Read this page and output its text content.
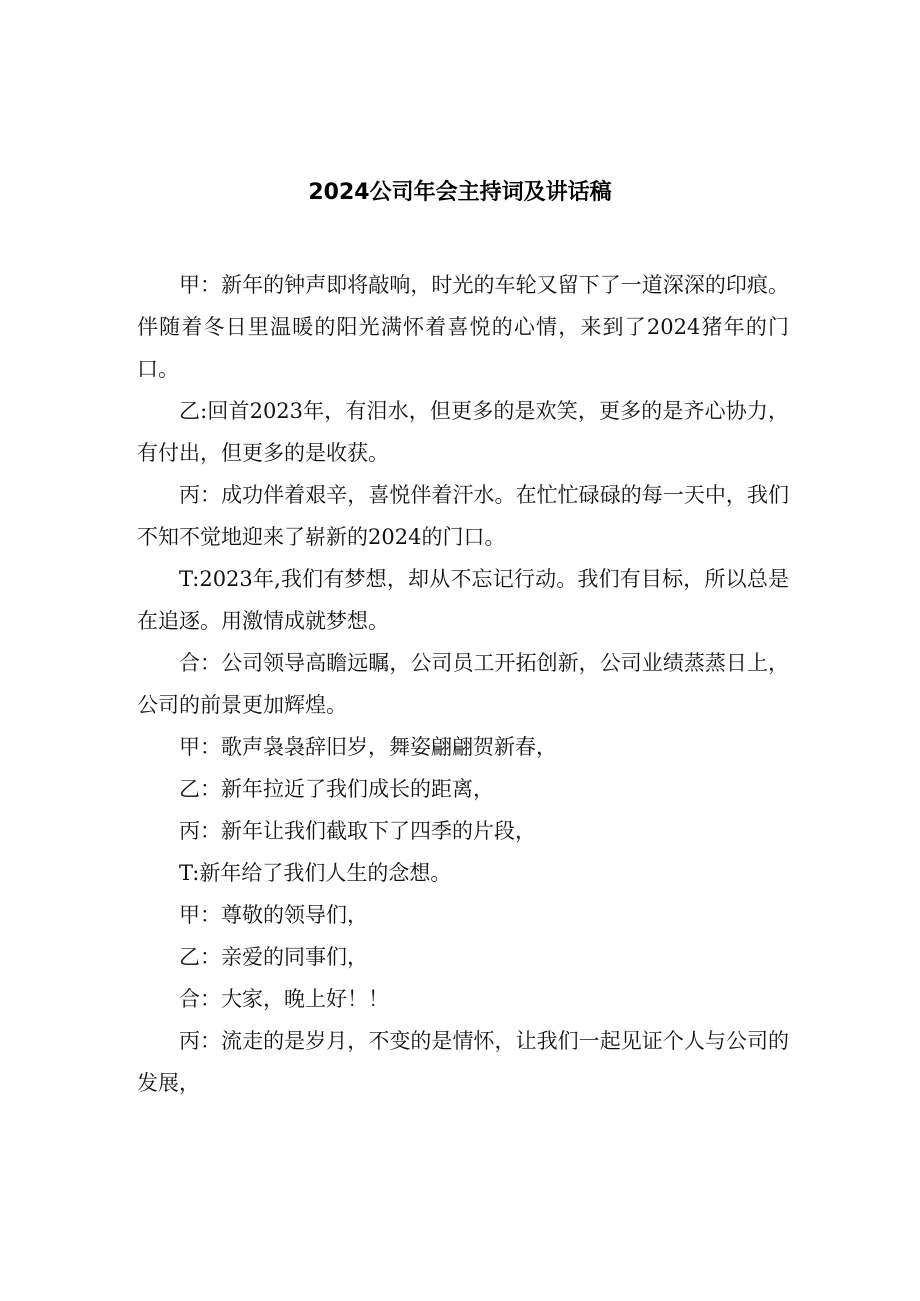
2024公司年会主持词及讲话稿

甲：新年的钟声即将敲响，时光的车轮又留下了一道深深的印痕。伴随着冬日里温暖的阳光满怀着喜悦的心情，来到了2024猪年的门口。

乙:回首2023年，有泪水，但更多的是欢笑，更多的是齐心协力，有付出，但更多的是收获。

丙：成功伴着艰辛，喜悦伴着汗水。在忙忙碌碌的每一天中，我们不知不觉地迎来了崭新的2024的门口。

T:2023年,我们有梦想，却从不忘记行动。我们有目标，所以总是在追逐。用激情成就梦想。

合：公司领导高瞻远瞩，公司员工开拓创新，公司业绩蒸蒸日上，公司的前景更加辉煌。

甲：歌声袅袅辞旧岁，舞姿翩翩贺新春，

乙：新年拉近了我们成长的距离，

丙：新年让我们截取下了四季的片段，

T:新年给了我们人生的念想。

甲：尊敬的领导们，

乙：亲爱的同事们，

合：大家，晚上好！！

丙：流走的是岁月，不变的是情怀，让我们一起见证个人与公司的发展，
